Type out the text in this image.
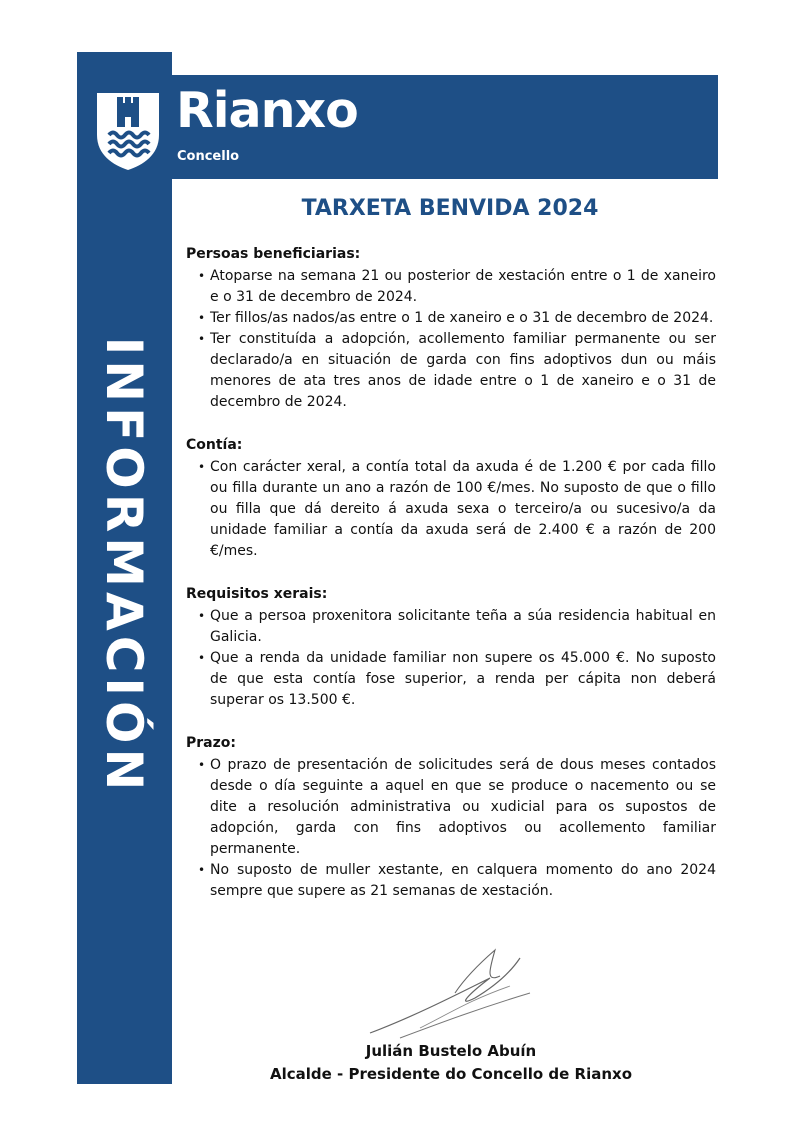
Rianxo
Concello
INFORMACIÓN
TARXETA BENVIDA 2024
Persoas beneficiarias:
• Atoparse na semana 21 ou posterior de xestación entre o 1 de xaneiro e o 31 de decembro de 2024.
• Ter fillos/as nados/as entre o 1 de xaneiro e o 31 de decembro de 2024.
• Ter constituída a adopción, acollemento familiar permanente ou ser declarado/a en situación de garda con fins adoptivos dun ou máis menores de ata tres anos de idade entre o 1 de xaneiro e o 31 de decembro de 2024.
Contía:
• Con carácter xeral, a contía total da axuda é de 1.200 € por cada fillo ou filla durante un ano a razón de 100 €/mes. No suposto de que o fillo ou filla que dá dereito á axuda sexa o terceiro/a ou sucesivo/a da unidade familiar a contía da axuda será de 2.400 € a razón de 200 €/mes.
Requisitos xerais:
• Que a persoa proxenitora solicitante teña a súa residencia habitual en Galicia.
• Que a renda da unidade familiar non supere os 45.000 €. No suposto de que esta contía fose superior, a renda per cápita non deberá superar os 13.500 €.
Prazo:
• O prazo de presentación de solicitudes será de dous meses contados desde o día seguinte a aquel en que se produce o nacemento ou se dite a resolución administrativa ou xudicial para os supostos de adopción, garda con fins adoptivos ou acollemento familiar permanente.
• No suposto de muller xestante, en calquera momento do ano 2024 sempre que supere as 21 semanas de xestación.
Julián Bustelo Abuín
Alcalde - Presidente do Concello de Rianxo
